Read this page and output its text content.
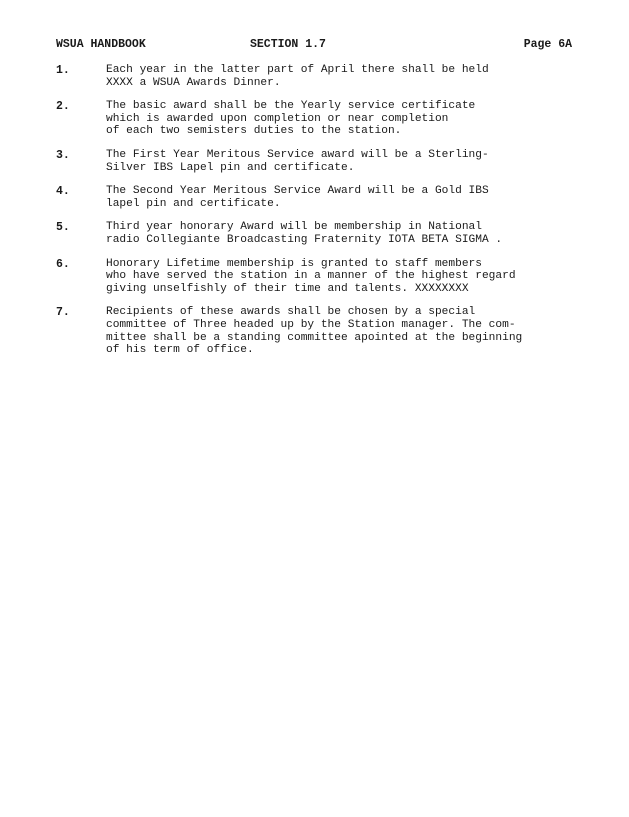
WSUA HANDBOOK	SECTION 1.7	Page 6A
1.	Each year in the latter part of April there shall be held
XXXX a WSUA Awards Dinner.
2.	The basic award shall be the Yearly service certificate
which is awarded upon completion or near completion
of each two semisters duties to the station.
3.	The First Year Meritous Service award will be a Sterling-
Silver IBS Lapel pin and certificate.
4.	The Second Year Meritous Service Award will be a Gold IBS
lapel pin and certificate.
5.	Third year honorary Award will be membership in National
radio Collegiante Broadcasting Fraternity IOTA BETA SIGMA .
6.	Honorary Lifetime membership is granted to staff members
who have served the station in a manner of the highest regard
giving unselfishly of their time and talents. XXXXXXXX
7.	Recipients of these awards shall be chosen by a special
committee of Three headed up by the Station manager. The com-
mittee shall be a standing committee apointed at the beginning
of his term of office.
